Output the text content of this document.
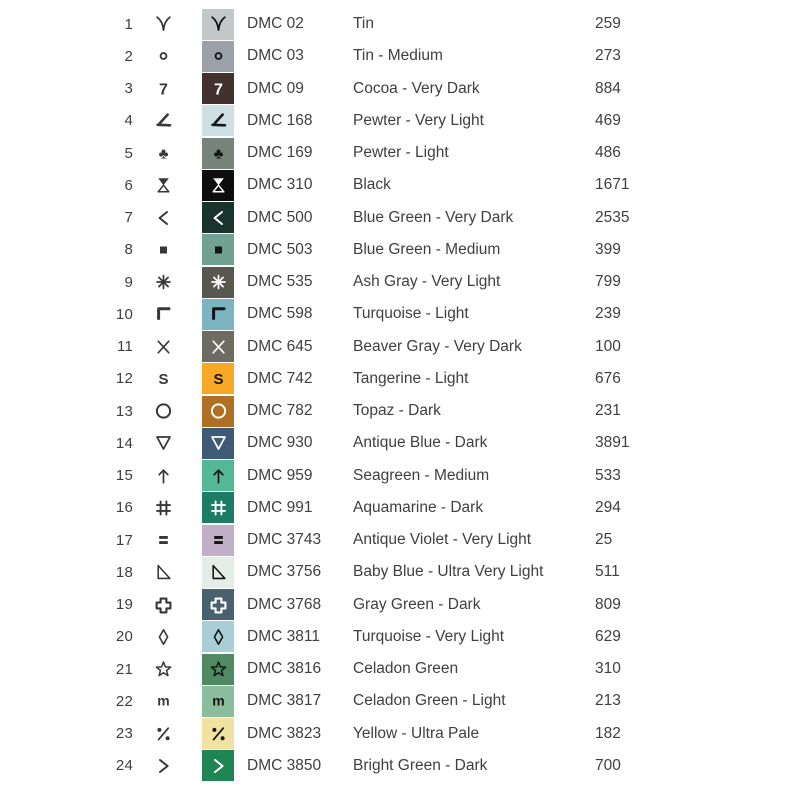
1	DMC 02	Tin	259
2	DMC 03	Tin - Medium	273
3 7	7 DMC 09	Cocoa - Very Dark	884
4	DMC 168	Pewter - Very Light	469
5 ♣	♣ DMC 169	Pewter - Light	486
6	DMC 310	Black	1671
7	DMC 500	Blue Green - Very Dark	2535
8	DMC 503	Blue Green - Medium	399
9	DMC 535	Ash Gray - Very Light	799
10	DMC 598	Turquoise - Light	239
11	DMC 645	Beaver Gray - Very Dark	100
12 S	S DMC 742	Tangerine - Light	676
13	DMC 782	Topaz - Dark	231
14	DMC 930	Antique Blue - Dark	3891
15	DMC 959	Seagreen - Medium	533
16	DMC 991	Aquamarine - Dark	294
17	DMC 3743	Antique Violet - Very Light	25
18	DMC 3756	Baby Blue - Ultra Very Light	511
19	DMC 3768	Gray Green - Dark	809
20	DMC 3811	Turquoise - Very Light	629
21	DMC 3816	Celadon Green	310
22 m	m DMC 3817	Celadon Green - Light	213
23	DMC 3823	Yellow - Ultra Pale	182
24	DMC 3850	Bright Green - Dark	700
